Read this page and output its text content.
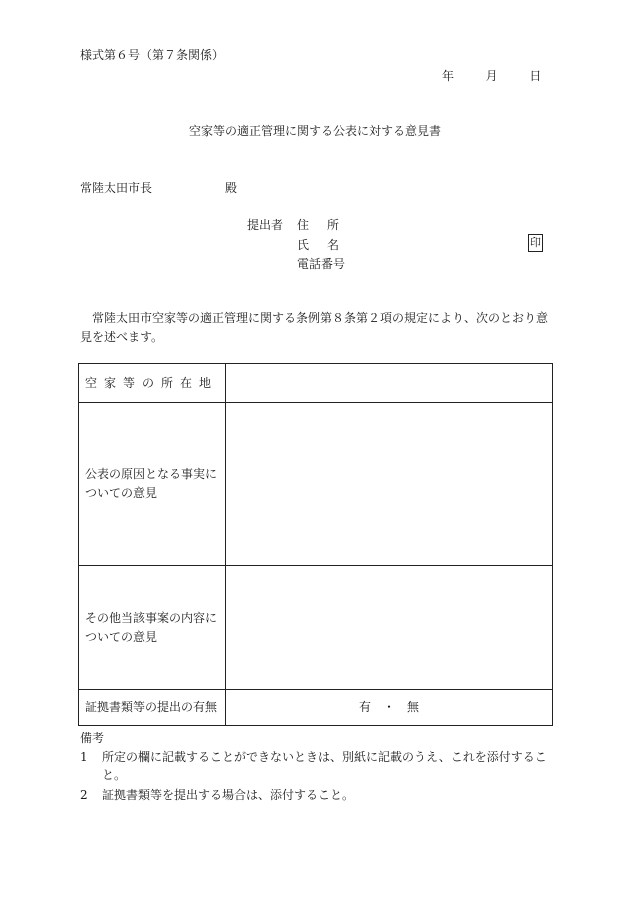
様式第６号（第７条関係）
年	月	日
空家等の適正管理に関する公表に対する意見書
常陸太田市長	殿
提出者 住所
氏名
電話番号
印
常陸太田市空家等の適正管理に関する条例第８条第２項の規定により、次のとおり意見を述べます。
空家等の所在地	
公表の原因となる事実についての意見	
その他当該事案の内容についての意見	
証拠書類等の提出の有無	有　・　無
備考
1	所定の欄に記載することができないときは、別紙に記載のうえ、これを添付すること。
2	証拠書類等を提出する場合は、添付すること。
